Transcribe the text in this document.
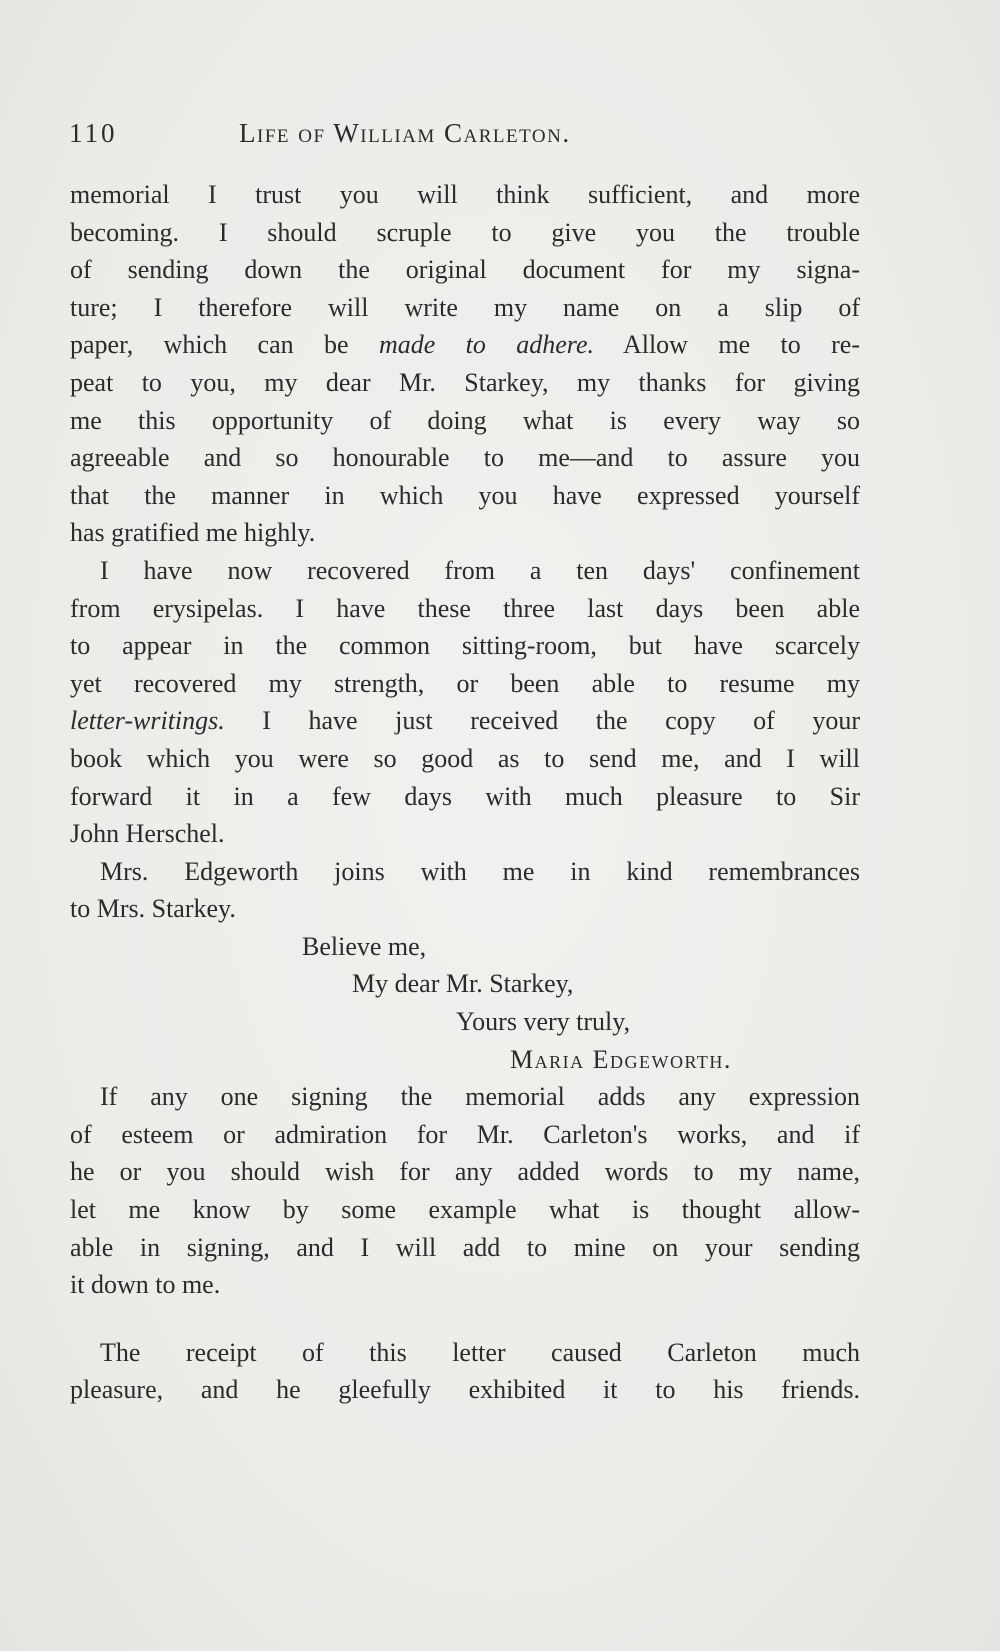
110	Life of William Carleton.
memorial I trust you will think sufficient, and more
becoming. I should scruple to give you the trouble
of sending down the original document for my signa-
ture; I therefore will write my name on a slip of
paper, which can be made to adhere. Allow me to re-
peat to you, my dear Mr. Starkey, my thanks for giving
me this opportunity of doing what is every way so
agreeable and so honourable to me—and to assure you
that the manner in which you have expressed yourself
has gratified me highly.
I have now recovered from a ten days' confinement
from erysipelas. I have these three last days been able
to appear in the common sitting-room, but have scarcely
yet recovered my strength, or been able to resume my
letter-writings. I have just received the copy of your
book which you were so good as to send me, and I will
forward it in a few days with much pleasure to Sir
John Herschel.
Mrs. Edgeworth joins with me in kind remembrances
to Mrs. Starkey.
Believe me,
My dear Mr. Starkey,
Yours very truly,
Maria Edgeworth.
If any one signing the memorial adds any expression
of esteem or admiration for Mr. Carleton's works, and if
he or you should wish for any added words to my name,
let me know by some example what is thought allow-
able in signing, and I will add to mine on your sending
it down to me.
The receipt of this letter caused Carleton much
pleasure, and he gleefully exhibited it to his friends.
